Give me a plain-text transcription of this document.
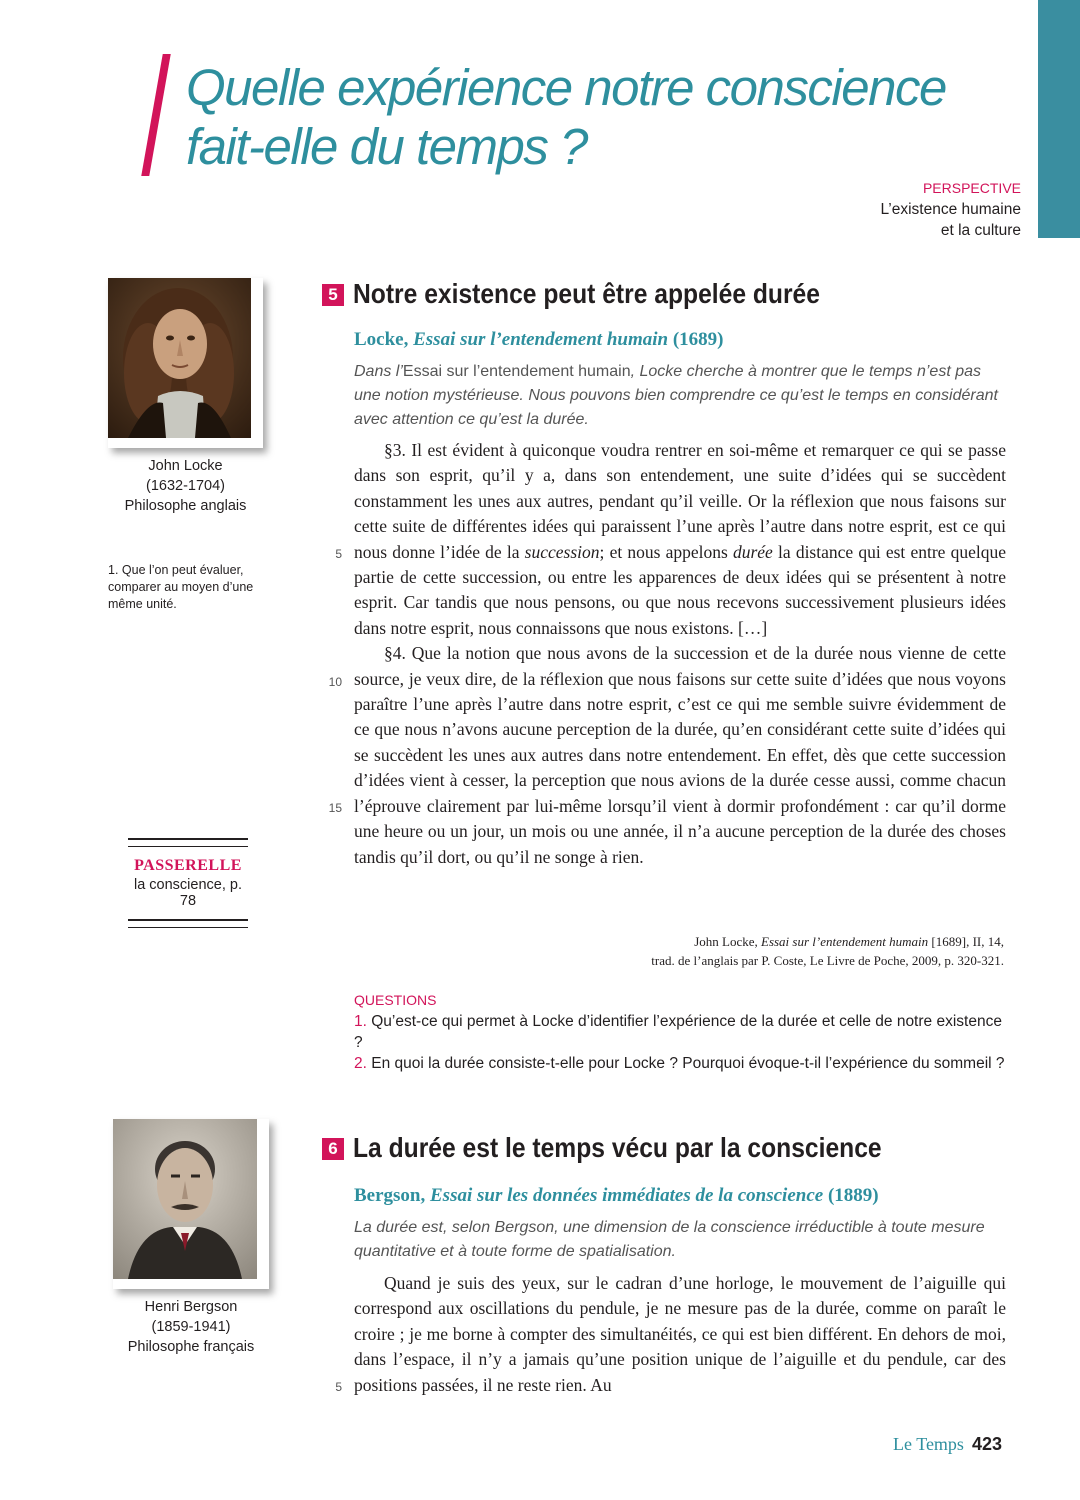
Quelle expérience notre conscience
fait-elle du temps ?
PERSPECTIVE
L’existence humaine
et la culture
John Locke
(1632-1704)
Philosophe anglais
1. Que l’on peut évaluer, comparer au moyen d’une même unité.
PASSERELLE
la conscience, p. 78
5 Notre existence peut être appelée durée
Locke, Essai sur l’entendement humain (1689)
Dans l’Essai sur l’entendement humain, Locke cherche à montrer que le temps n’est pas une notion mystérieuse. Nous pouvons bien comprendre ce qu’est le temps en considérant avec attention ce qu’est la durée.

§3. Il est évident à quiconque voudra rentrer en soi-même et remarquer ce qui se passe dans son esprit, qu’il y a, dans son entendement, une suite d’idées qui se succèdent constamment les unes aux autres, pendant qu’il veille. Or la réflexion que nous faisons sur cette suite de différentes idées qui paraissent l’une après l’autre dans notre esprit, est ce qui nous donne l’idée de la succession; et nous appelons durée la distance qui est entre quelque partie de cette succession, ou entre les apparences de deux idées qui se présentent à notre esprit. Car tandis que nous pensons, ou que nous recevons successivement plusieurs idées dans notre esprit, nous connaissons que nous existons. […]

§4. Que la notion que nous avons de la succession et de la durée nous vienne de cette source, je veux dire, de la réflexion que nous faisons sur cette suite d’idées que nous voyons paraître l’une après l’autre dans notre esprit, c’est ce qui me semble suivre évidemment de ce que nous n’avons aucune perception de la durée, qu’en considérant cette suite d’idées qui se succèdent les unes aux autres dans notre entendement. En effet, dès que cette succession d’idées vient à cesser, la perception que nous avions de la durée cesse aussi, comme chacun l’éprouve clairement par lui-même lorsqu’il vient à dormir profondément : car qu’il dorme une heure ou un jour, un mois ou une année, il n’a aucune perception de la durée des choses tandis qu’il dort, ou qu’il ne songe à rien.

5
10
15
John Locke, Essai sur l’entendement humain [1689], II, 14,
trad. de l’anglais par P. Coste, Le Livre de Poche, 2009, p. 320-321.
QUESTIONS
1. Qu’est-ce qui permet à Locke d’identifier l’expérience de la durée et celle de notre existence ?
2. En quoi la durée consiste-t-elle pour Locke ? Pourquoi évoque-t-il l’expérience du sommeil ?
Henri Bergson
(1859-1941)
Philosophe français
6 La durée est le temps vécu par la conscience
Bergson, Essai sur les données immédiates de la conscience (1889)
La durée est, selon Bergson, une dimension de la conscience irréductible à toute mesure quantitative et à toute forme de spatialisation.

Quand je suis des yeux, sur le cadran d’une horloge, le mouvement de l’aiguille qui correspond aux oscillations du pendule, je ne mesure pas de la durée, comme on paraît le croire ; je me borne à compter des simultanéités, ce qui est bien différent. En dehors de moi, dans l’espace, il n’y a jamais qu’une position unique de l’aiguille et du pendule, car des positions passées, il ne reste rien. Au

5
Le Temps 423
